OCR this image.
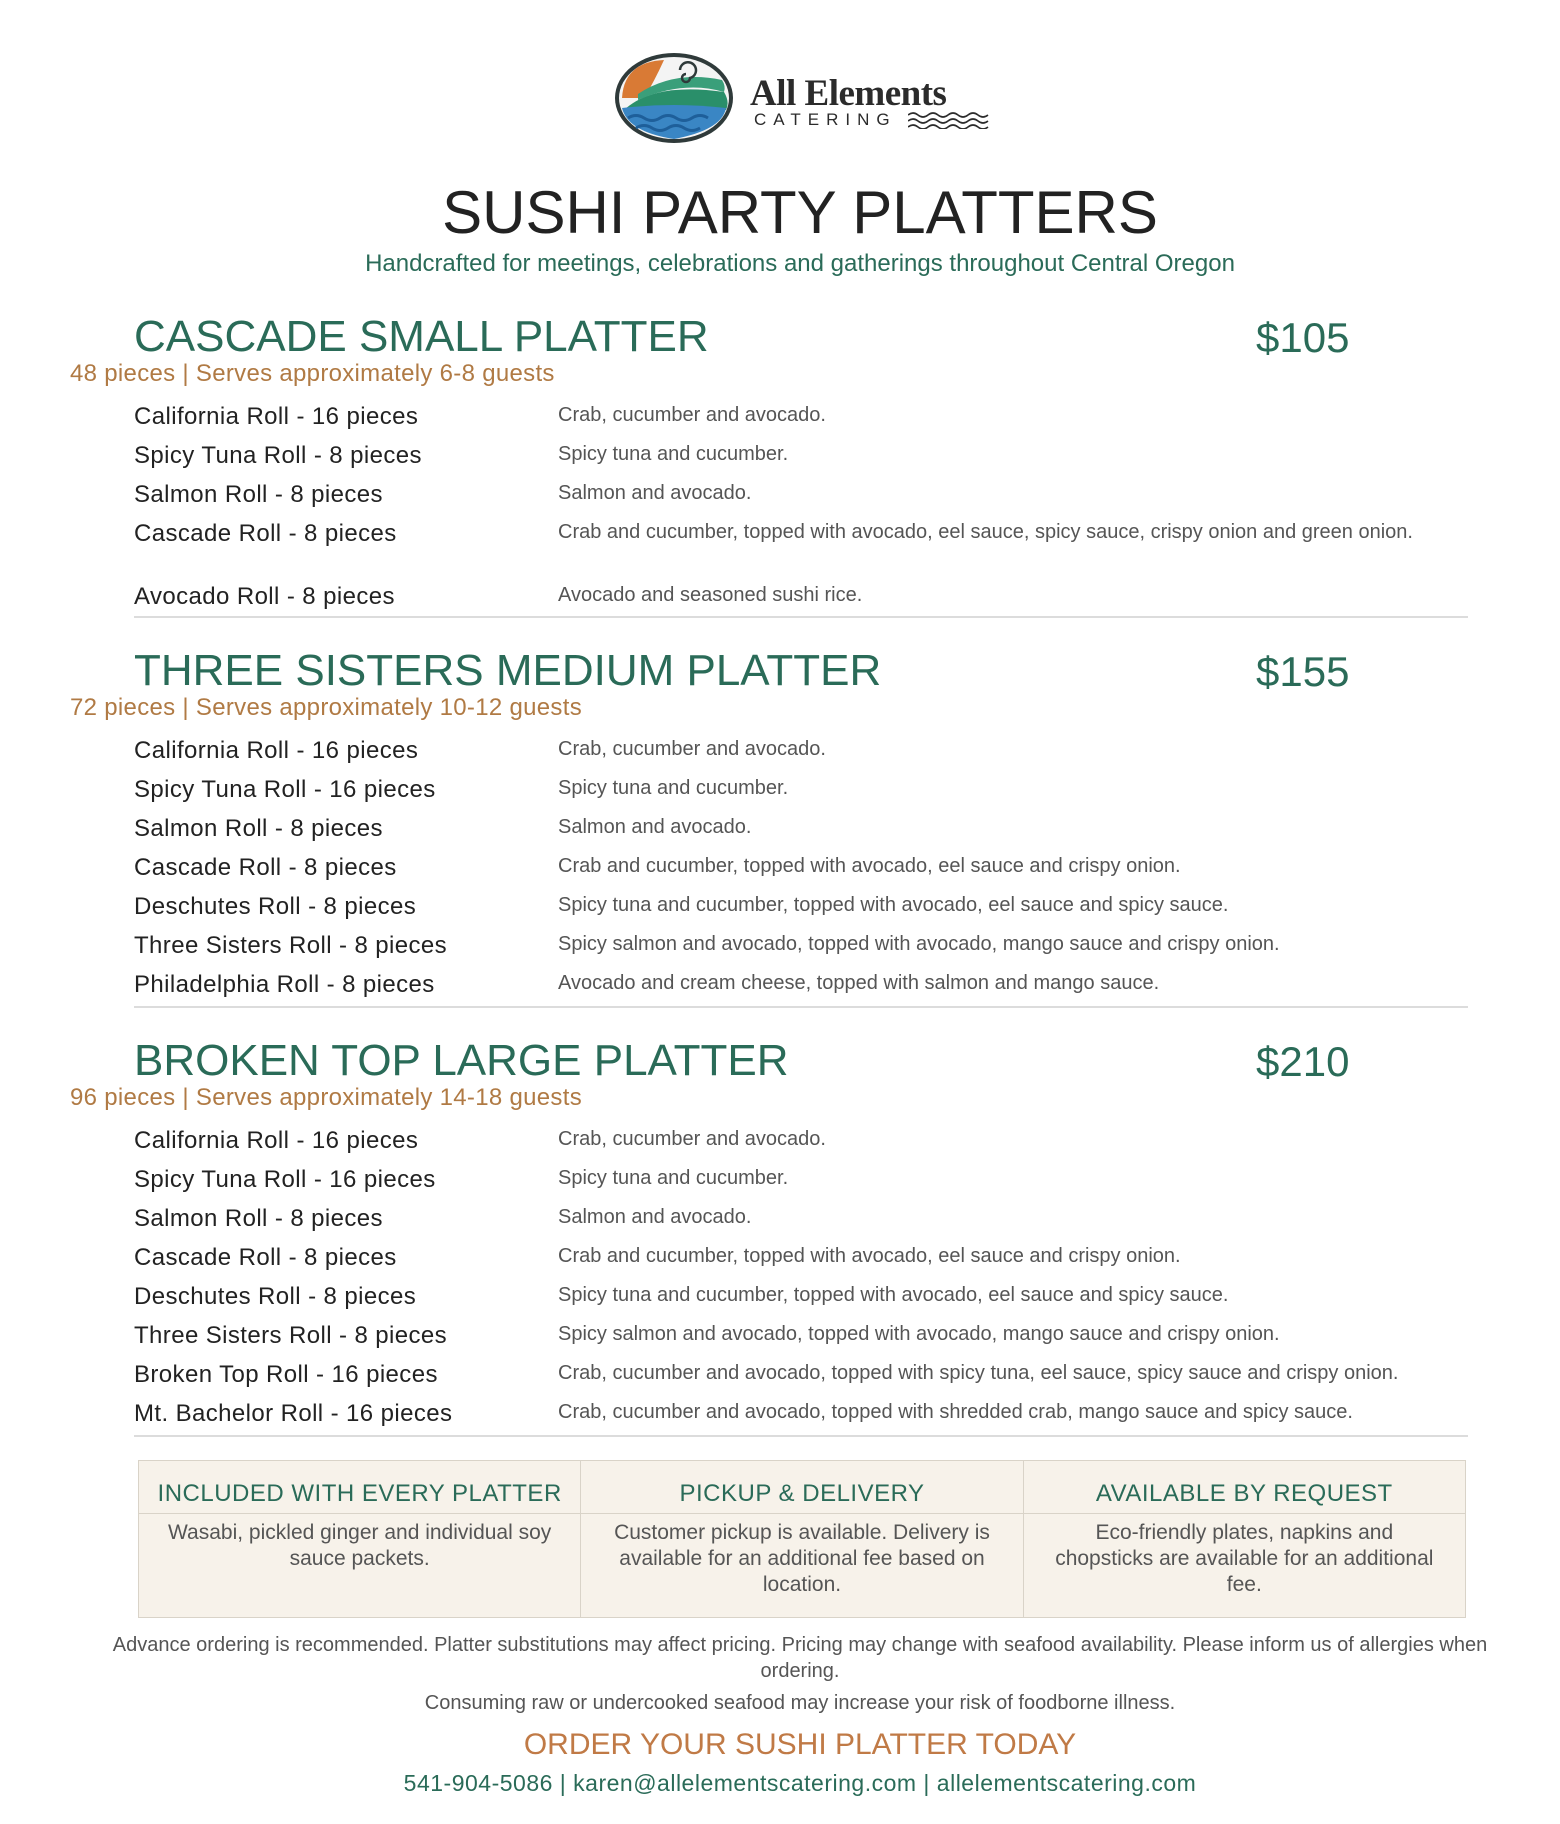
All Elements
CATERING
SUSHI PARTY PLATTERS
Handcrafted for meetings, celebrations and gatherings throughout Central Oregon
CASCADE SMALL PLATTER	$105
48 pieces | Serves approximately 6-8 guests
California Roll - 16 pieces	Crab, cucumber and avocado.
Spicy Tuna Roll - 8 pieces	Spicy tuna and cucumber.
Salmon Roll - 8 pieces	Salmon and avocado.
Cascade Roll - 8 pieces	Crab and cucumber, topped with avocado, eel sauce, spicy sauce, crispy onion and green onion.
Avocado Roll - 8 pieces	Avocado and seasoned sushi rice.
THREE SISTERS MEDIUM PLATTER	$155
72 pieces | Serves approximately 10-12 guests
California Roll - 16 pieces	Crab, cucumber and avocado.
Spicy Tuna Roll - 16 pieces	Spicy tuna and cucumber.
Salmon Roll - 8 pieces	Salmon and avocado.
Cascade Roll - 8 pieces	Crab and cucumber, topped with avocado, eel sauce and crispy onion.
Deschutes Roll - 8 pieces	Spicy tuna and cucumber, topped with avocado, eel sauce and spicy sauce.
Three Sisters Roll - 8 pieces	Spicy salmon and avocado, topped with avocado, mango sauce and crispy onion.
Philadelphia Roll - 8 pieces	Avocado and cream cheese, topped with salmon and mango sauce.
BROKEN TOP LARGE PLATTER	$210
96 pieces | Serves approximately 14-18 guests
California Roll - 16 pieces	Crab, cucumber and avocado.
Spicy Tuna Roll - 16 pieces	Spicy tuna and cucumber.
Salmon Roll - 8 pieces	Salmon and avocado.
Cascade Roll - 8 pieces	Crab and cucumber, topped with avocado, eel sauce and crispy onion.
Deschutes Roll - 8 pieces	Spicy tuna and cucumber, topped with avocado, eel sauce and spicy sauce.
Three Sisters Roll - 8 pieces	Spicy salmon and avocado, topped with avocado, mango sauce and crispy onion.
Broken Top Roll - 16 pieces	Crab, cucumber and avocado, topped with spicy tuna, eel sauce, spicy sauce and crispy onion.
Mt. Bachelor Roll - 16 pieces	Crab, cucumber and avocado, topped with shredded crab, mango sauce and spicy sauce.
INCLUDED WITH EVERY PLATTER
Wasabi, pickled ginger and individual soy sauce packets.
PICKUP & DELIVERY
Customer pickup is available. Delivery is available for an additional fee based on location.
AVAILABLE BY REQUEST
Eco-friendly plates, napkins and chopsticks are available for an additional fee.
Advance ordering is recommended. Platter substitutions may affect pricing. Pricing may change with seafood availability. Please inform us of allergies when ordering.
Consuming raw or undercooked seafood may increase your risk of foodborne illness.
ORDER YOUR SUSHI PLATTER TODAY
541-904-5086 | karen@allelementscatering.com | allelementscatering.com
